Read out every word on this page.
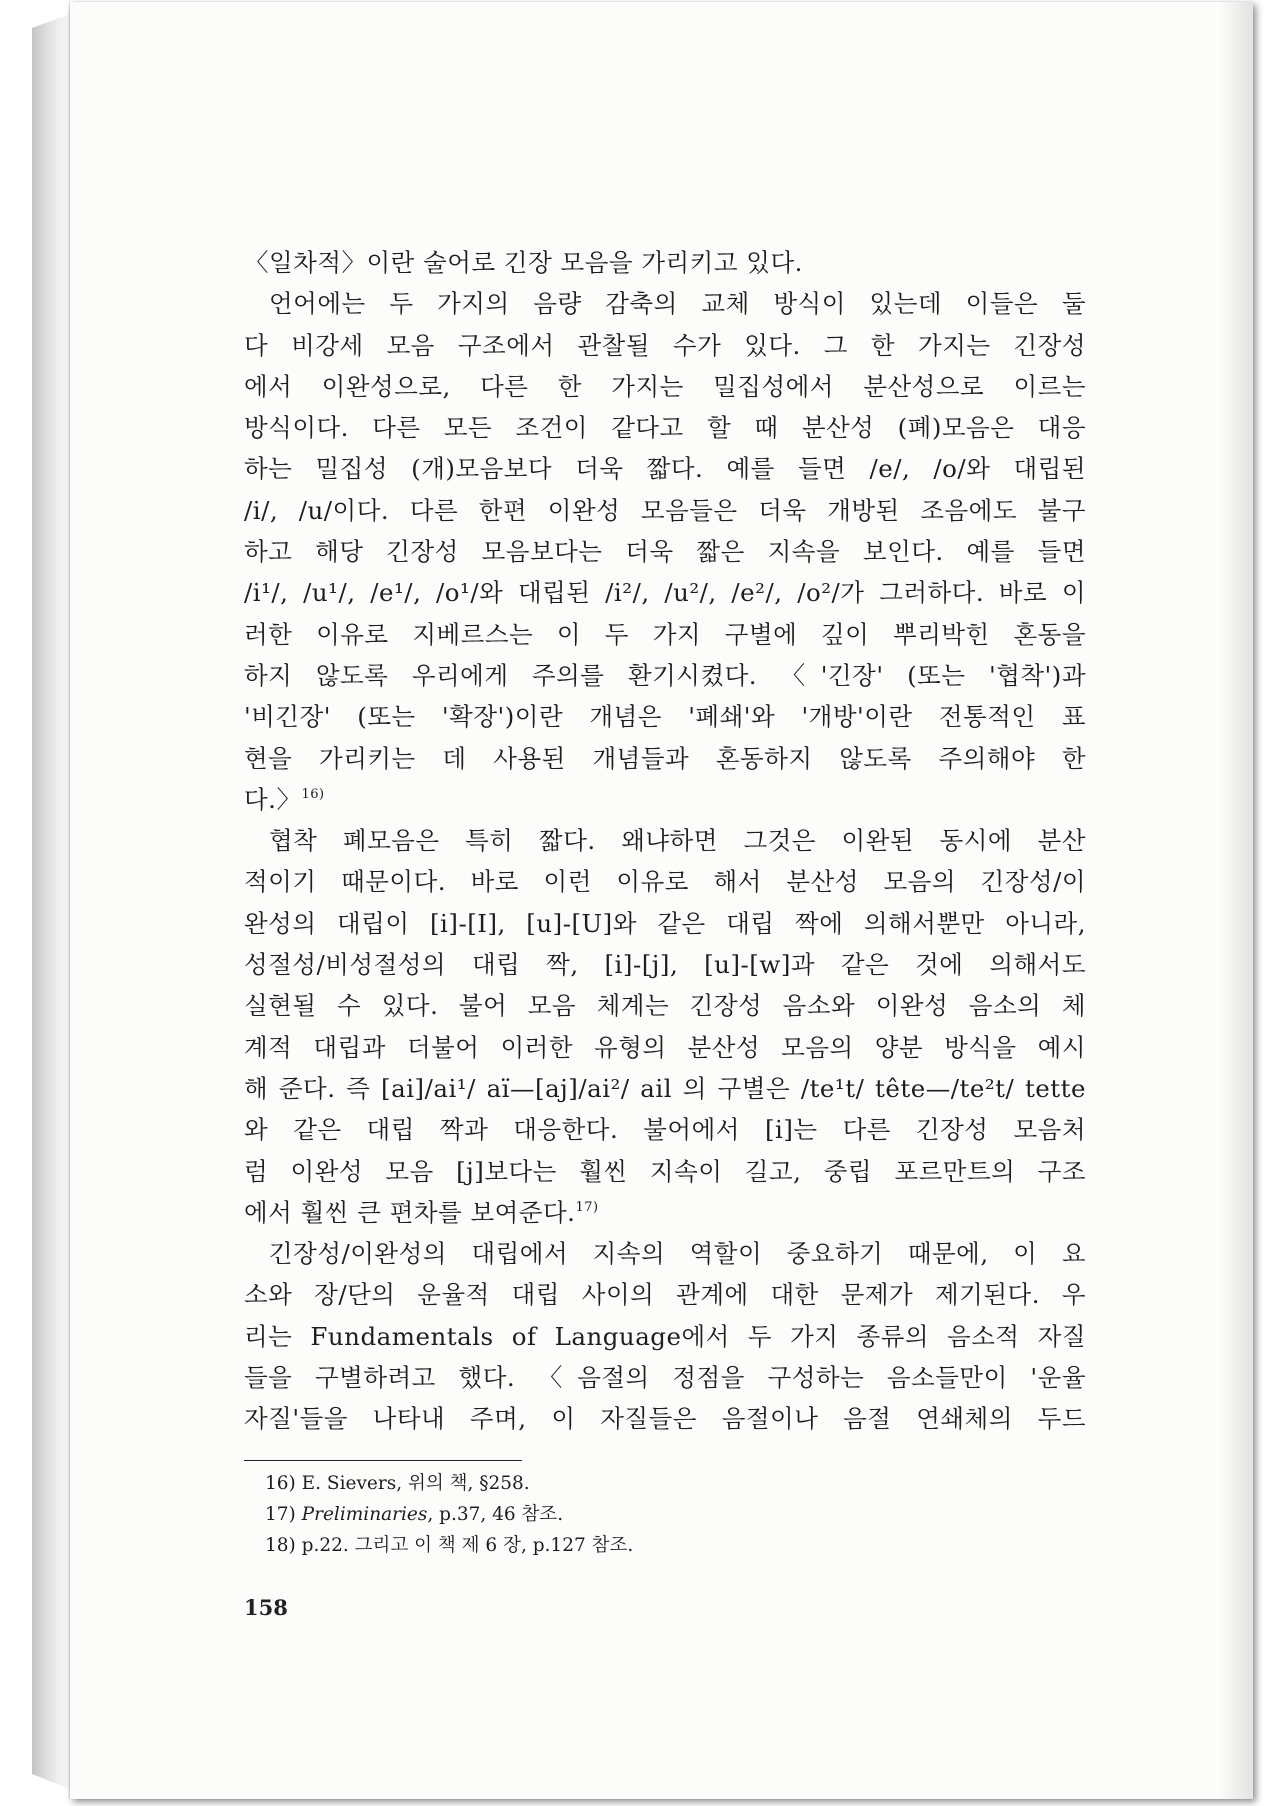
〈일차적〉이란 술어로 긴장 모음을 가리키고 있다.
언어에는 두 가지의 음량 감축의 교체 방식이 있는데 이들은 둘
다 비강세 모음 구조에서 관찰될 수가 있다. 그 한 가지는 긴장성
에서 이완성으로, 다른 한 가지는 밀집성에서 분산성으로 이르는
방식이다. 다른 모든 조건이 같다고 할 때 분산성 (폐)모음은 대응
하는 밀집성 (개)모음보다 더욱 짧다. 예를 들면 /e/, /o/와 대립된
/i/, /u/이다. 다른 한편 이완성 모음들은 더욱 개방된 조음에도 불구
하고 해당 긴장성 모음보다는 더욱 짧은 지속을 보인다. 예를 들면
/i¹/, /u¹/, /e¹/, /o¹/와 대립된 /i²/, /u²/, /e²/, /o²/가 그러하다. 바로 이
러한 이유로 지베르스는 이 두 가지 구별에 깊이 뿌리박힌 혼동을
하지 않도록 우리에게 주의를 환기시켰다. 〈'긴장' (또는 '협착')과
'비긴장' (또는 '확장')이란 개념은 '폐쇄'와 '개방'이란 전통적인 표
현을 가리키는 데 사용된 개념들과 혼동하지 않도록 주의해야 한
다.〉$^{16)}$
협착 폐모음은 특히 짧다. 왜냐하면 그것은 이완된 동시에 분산
적이기 때문이다. 바로 이런 이유로 해서 분산성 모음의 긴장성/이
완성의 대립이 [i]-[I], [u]-[U]와 같은 대립 짝에 의해서뿐만 아니라,
성절성/비성절성의 대립 짝, [i]-[j], [u]-[w]과 같은 것에 의해서도
실현될 수 있다. 불어 모음 체계는 긴장성 음소와 이완성 음소의 체
계적 대립과 더불어 이러한 유형의 분산성 모음의 양분 방식을 예시
해 준다. 즉 [ai]/ai¹/ aï—[aj]/ai²/ ail 의 구별은 /te¹t/ tête—/te²t/ tette
와 같은 대립 짝과 대응한다. 불어에서 [i]는 다른 긴장성 모음처
럼 이완성 모음 [j]보다는 훨씬 지속이 길고, 중립 포르만트의 구조
에서 훨씬 큰 편차를 보여준다.$^{17)}$
긴장성/이완성의 대립에서 지속의 역할이 중요하기 때문에, 이 요
소와 장/단의 운율적 대립 사이의 관계에 대한 문제가 제기된다. 우
리는 Fundamentals of Language에서 두 가지 종류의 음소적 자질
들을 구별하려고 했다. 〈음절의 정점을 구성하는 음소들만이 '운율
자질'들을 나타내 주며, 이 자질들은 음절이나 음절 연쇄체의 두드
16) E. Sievers, 위의 책, §258.
17) Preliminaries, p.37, 46 참조.
18) p.22. 그리고 이 책 제 6 장, p.127 참조.
158
